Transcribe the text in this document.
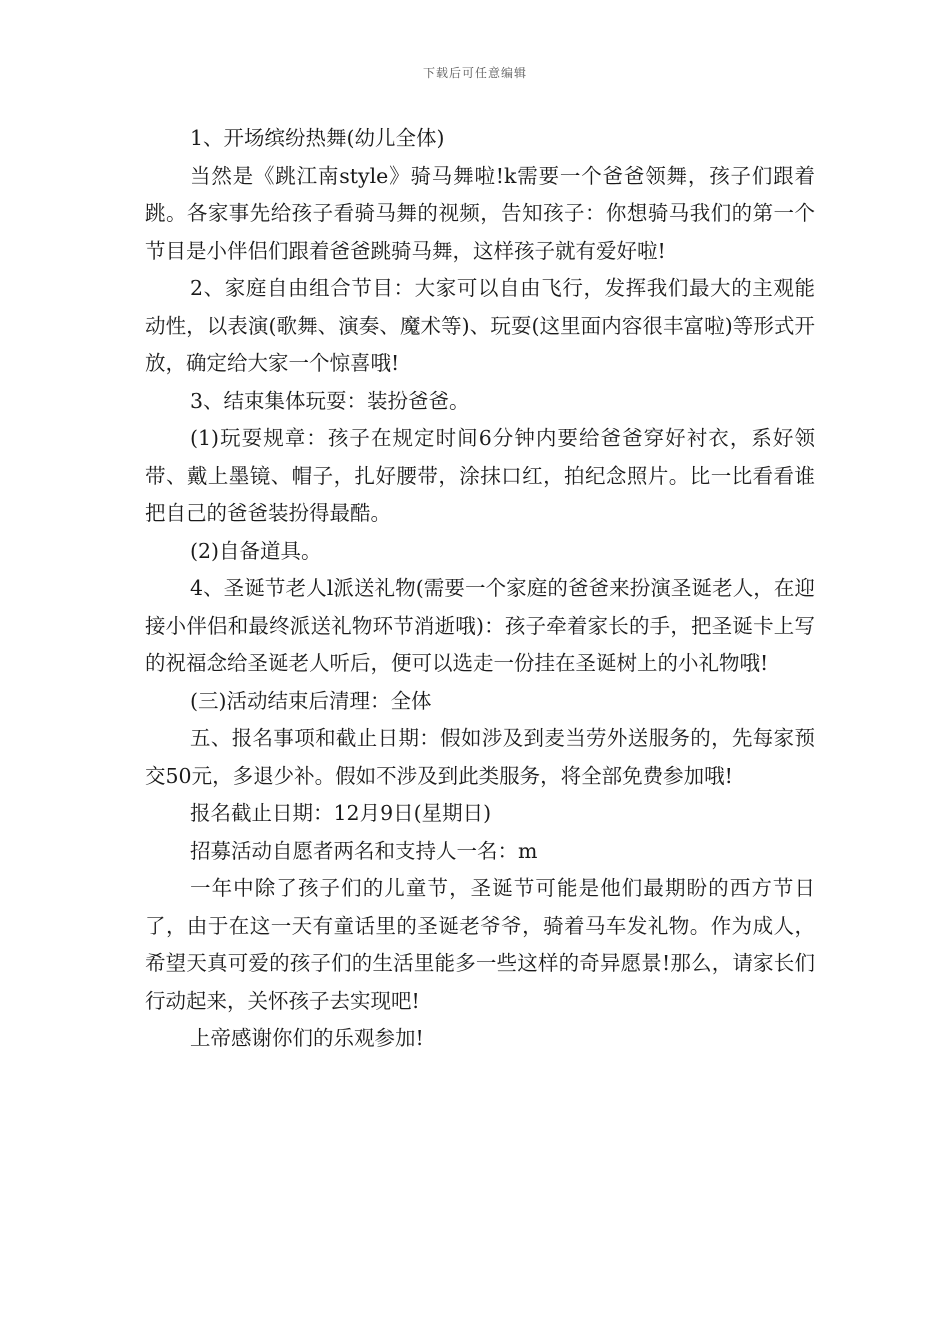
下载后可任意编辑

1、开场缤纷热舞(幼儿全体)

当然是《跳江南style》骑马舞啦!k需要一个爸爸领舞，孩子们跟着跳。各家事先给孩子看骑马舞的视频，告知孩子：你想骑马我们的第一个节目是小伴侣们跟着爸爸跳骑马舞，这样孩子就有爱好啦!

2、家庭自由组合节目：大家可以自由飞行，发挥我们最大的主观能动性，以表演(歌舞、演奏、魔术等)、玩耍(这里面内容很丰富啦)等形式开放，确定给大家一个惊喜哦!

3、结束集体玩耍：装扮爸爸。

(1)玩耍规章：孩子在规定时间6分钟内要给爸爸穿好衬衣，系好领带、戴上墨镜、帽子，扎好腰带，涂抹口红，拍纪念照片。比一比看看谁把自己的爸爸装扮得最酷。

(2)自备道具。

4、圣诞节老人l派送礼物(需要一个家庭的爸爸来扮演圣诞老人，在迎接小伴侣和最终派送礼物环节消逝哦)：孩子牵着家长的手，把圣诞卡上写的祝福念给圣诞老人听后，便可以选走一份挂在圣诞树上的小礼物哦!

(三)活动结束后清理：全体

五、报名事项和截止日期：假如涉及到麦当劳外送服务的，先每家预交50元，多退少补。假如不涉及到此类服务，将全部免费参加哦!

报名截止日期：12月9日(星期日)

招募活动自愿者两名和支持人一名：m

一年中除了孩子们的儿童节，圣诞节可能是他们最期盼的西方节日了，由于在这一天有童话里的圣诞老爷爷，骑着马车发礼物。作为成人，希望天真可爱的孩子们的生活里能多一些这样的奇异愿景!那么，请家长们行动起来，关怀孩子去实现吧!

上帝感谢你们的乐观参加!
